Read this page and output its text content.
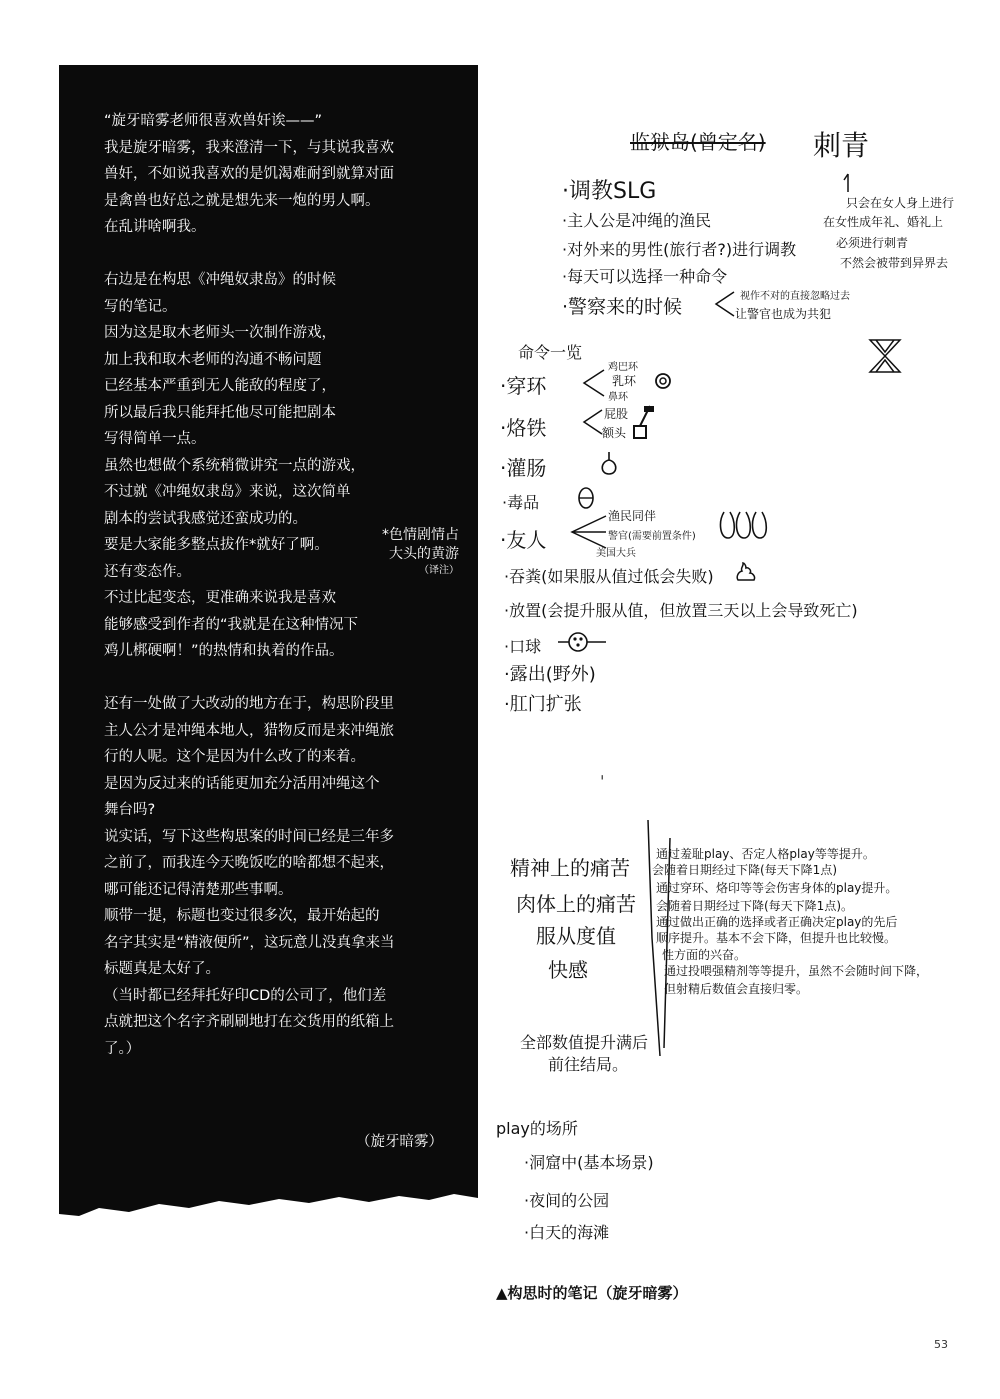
“旋牙暗雾老师很喜欢兽奸诶——”
我是旋牙暗雾，我来澄清一下，与其说我喜欢
兽奸，不如说我喜欢的是饥渴难耐到就算对面
是禽兽也好总之就是想先来一炮的男人啊。
在乱讲啥啊我。
右边是在构思《冲绳奴隶岛》的时候
写的笔记。
因为这是取木老师头一次制作游戏，
加上我和取木老师的沟通不畅问题
已经基本严重到无人能敌的程度了，
所以最后我只能拜托他尽可能把剧本
写得简单一点。
虽然也想做个系统稍微讲究一点的游戏，
不过就《冲绳奴隶岛》来说，这次简单
剧本的尝试我感觉还蛮成功的。
要是大家能多整点拔作*就好了啊。
还有变态作。
不过比起变态，更准确来说我是喜欢
能够感受到作者的“我就是在这种情况下
鸡儿梆硬啊！”的热情和执着的作品。
还有一处做了大改动的地方在于，构思阶段里
主人公才是冲绳本地人，猎物反而是来冲绳旅
行的人呢。这个是因为什么改了的来着。
是因为反过来的话能更加充分活用冲绳这个
舞台吗?
说实话，写下这些构思案的时间已经是三年多
之前了，而我连今天晚饭吃的啥都想不起来，
哪可能还记得清楚那些事啊。
顺带一提，标题也变过很多次，最开始起的
名字其实是“精液便所”，这玩意儿没真拿来当
标题真是太好了。
（当时都已经拜托好印CD的公司了，他们差
点就把这个名字齐刷刷地打在交货用的纸箱上
了。）
*色情剧情占
大头的黄游
（译注）
（旋牙暗雾）
监狱岛(曾定名) 刺青
只会在女人身上进行
在女性成年礼、婚礼上
必须进行刺青
不然会被带到异界去
·调教SLG
·主人公是冲绳的渔民
·对外来的男性(旅行者?)进行调教
·每天可以选择一种命令
·警察来的时候	视作不对的直接忽略过去
让警官也成为共犯
命令一览
·穿环
鸡巴环
乳环
鼻环
·烙铁
屁股
额头
·灌肠
·毒品
·友人
渔民同伴
警官(需要前置条件)
美国大兵
·吞粪(如果服从值过低会失败)
·放置(会提升服从值，但放置三天以上会导致死亡)
·口球
·露出(野外)
·肛门扩张
ˌ
精神上的痛苦
肉体上的痛苦
服从度值
快感
通过羞耻play、否定人格play等等提升。
会随着日期经过下降(每天下降1点)
通过穿环、烙印等等会伤害身体的play提升。
会随着日期经过下降(每天下降1点)。
通过做出正确的选择或者正确决定play的先后
顺序提升。基本不会下降，但提升也比较慢。
性方面的兴奋。
通过投喂强精剂等等提升，虽然不会随时间下降，
但射精后数值会直接归零。
全部数值提升满后
前往结局。
play的场所
·洞窟中(基本场景)
·夜间的公园
·白天的海滩
▲构思时的笔记（旋牙暗雾）
53
